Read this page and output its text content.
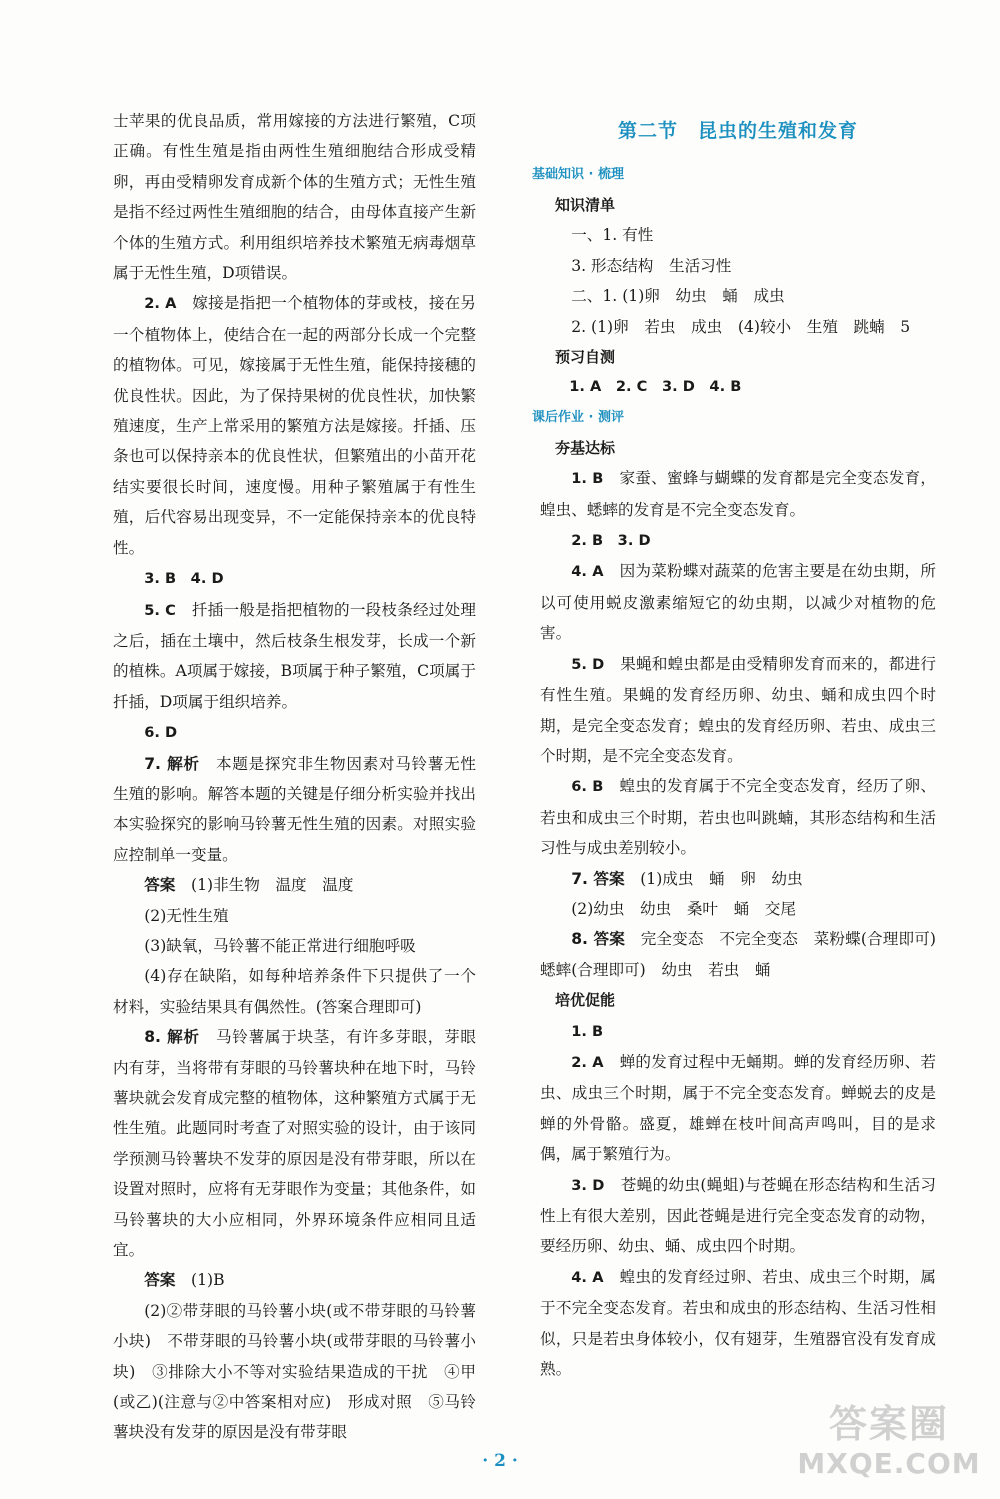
士苹果的优良品质，常用嫁接的方法进行繁殖，C项正确。有性生殖是指由两性生殖细胞结合形成受精卵，再由受精卵发育成新个体的生殖方式；无性生殖是指不经过两性生殖细胞的结合，由母体直接产生新个体的生殖方式。利用组织培养技术繁殖无病毒烟草属于无性生殖，D项错误。

2. A　 嫁接是指把一个植物体的芽或枝，接在另一个植物体上，使结合在一起的两部分长成一个完整的植物体。可见，嫁接属于无性生殖，能保持接穗的优良性状。因此，为了保持果树的优良性状，加快繁殖速度，生产上常采用的繁殖方法是嫁接。扦插、压条也可以保持亲本的优良性状，但繁殖出的小苗开花结实要很长时间，速度慢。用种子繁殖属于有性生殖，后代容易出现变异，不一定能保持亲本的优良特性。

3. B　4. D

5. C　 扦插一般是指把植物的一段枝条经过处理之后，插在土壤中，然后枝条生根发芽，长成一个新的植株。A项属于嫁接，B项属于种子繁殖，C项属于扦插，D项属于组织培养。

6. D

7. 解析　 本题是探究非生物因素对马铃薯无性生殖的影响。解答本题的关键是仔细分析实验并找出本实验探究的影响马铃薯无性生殖的因素。对照实验应控制单一变量。

答案　 (1)非生物　温度　温度

(2)无性生殖

(3)缺氧，马铃薯不能正常进行细胞呼吸

(4)存在缺陷，如每种培养条件下只提供了一个材料，实验结果具有偶然性。(答案合理即可)

8. 解析　 马铃薯属于块茎，有许多芽眼，芽眼内有芽，当将带有芽眼的马铃薯块种在地下时，马铃薯块就会发育成完整的植物体，这种繁殖方式属于无性生殖。此题同时考查了对照实验的设计，由于该同学预测马铃薯块不发芽的原因是没有带芽眼，所以在设置对照时，应将有无芽眼作为变量；其他条件，如马铃薯块的大小应相同，外界环境条件应相同且适宜。

答案　 (1)B

(2)②带芽眼的马铃薯小块(或不带芽眼的马铃薯小块)　不带芽眼的马铃薯小块(或带芽眼的马铃薯小块)　③排除大小不等对实验结果造成的干扰　④甲(或乙)(注意与②中答案相对应)　形成对照　⑤马铃薯块没有发芽的原因是没有带芽眼

第二节　昆虫的生殖和发育
基础知识 · 梳理
知识清单

一、1. 有性

3. 形态结构　生活习性

二、1. (1)卵　幼虫　蛹　成虫

2. (1)卵　若虫　成虫　(4)较小　生殖　跳蝻　5

预习自测

1. A　2. C　3. D　4. B

课后作业 · 测评
夯基达标

1. B　 家蚕、蜜蜂与蝴蝶的发育都是完全变态发育，蝗虫、蟋蟀的发育是不完全变态发育。

2. B　3. D

4. A　 因为菜粉蝶对蔬菜的危害主要是在幼虫期，所以可使用蜕皮激素缩短它的幼虫期，以减少对植物的危害。

5. D　 果蝇和蝗虫都是由受精卵发育而来的，都进行有性生殖。果蝇的发育经历卵、幼虫、蛹和成虫四个时期，是完全变态发育；蝗虫的发育经历卵、若虫、成虫三个时期，是不完全变态发育。

6. B　 蝗虫的发育属于不完全变态发育，经历了卵、若虫和成虫三个时期，若虫也叫跳蝻，其形态结构和生活习性与成虫差别较小。

7. 答案　 (1)成虫　蛹　卵　幼虫

(2)幼虫　幼虫　桑叶　蛹　交尾

8. 答案　 完全变态　不完全变态　菜粉蝶(合理即可)　蟋蟀(合理即可)　幼虫　若虫　蛹

培优促能

1. B

2. A　 蝉的发育过程中无蛹期。蝉的发育经历卵、若虫、成虫三个时期，属于不完全变态发育。蝉蜕去的皮是蝉的外骨骼。盛夏，雄蝉在枝叶间高声鸣叫，目的是求偶，属于繁殖行为。

3. D　 苍蝇的幼虫(蝇蛆)与苍蝇在形态结构和生活习性上有很大差别，因此苍蝇是进行完全变态发育的动物，要经历卵、幼虫、蛹、成虫四个时期。

4. A　 蝗虫的发育经过卵、若虫、成虫三个时期，属于不完全变态发育。若虫和成虫的形态结构、生活习性相似，只是若虫身体较小，仅有翅芽，生殖器官没有发育成熟。

· 2 ·
答案圈
MXQE.COM
